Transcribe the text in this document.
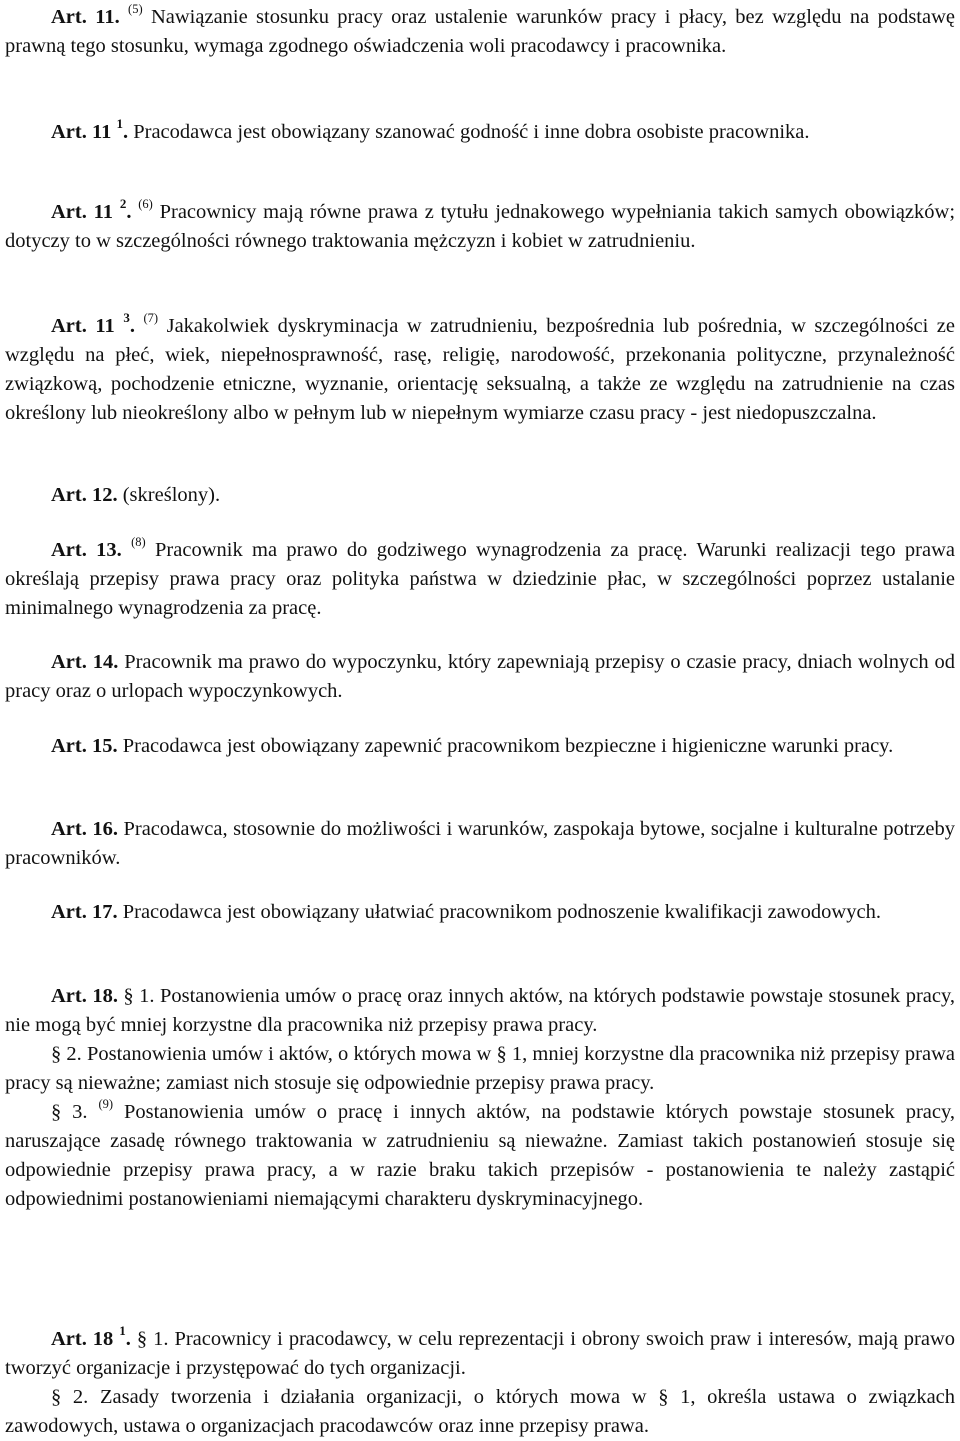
Art. 11. $^{(5)}$ Nawiązanie stosunku pracy oraz ustalenie warunków pracy i płacy, bez względu na podstawę prawną tego stosunku, wymaga zgodnego oświadczenia woli pracodawcy i pracownika.

Art. 11 $^1$. Pracodawca jest obowiązany szanować godność i inne dobra osobiste pracownika.

Art. 11 $^2$. $^{(6)}$ Pracownicy mają równe prawa z tytułu jednakowego wypełniania takich samych obowiązków; dotyczy to w szczególności równego traktowania mężczyzn i kobiet w zatrudnieniu.

Art. 11 $^3$. $^{(7)}$ Jakakolwiek dyskryminacja w zatrudnieniu, bezpośrednia lub pośrednia, w szczególności ze względu na płeć, wiek, niepełnosprawność, rasę, religię, narodowość, przekonania polityczne, przynależność związkową, pochodzenie etniczne, wyznanie, orientację seksualną, a także ze względu na zatrudnienie na czas określony lub nieokreślony albo w pełnym lub w niepełnym wymiarze czasu pracy - jest niedopuszczalna.

Art. 12. (skreślony).

Art. 13. $^{(8)}$ Pracownik ma prawo do godziwego wynagrodzenia za pracę. Warunki realizacji tego prawa określają przepisy prawa pracy oraz polityka państwa w dziedzinie płac, w szczególności poprzez ustalanie minimalnego wynagrodzenia za pracę.

Art. 14. Pracownik ma prawo do wypoczynku, który zapewniają przepisy o czasie pracy, dniach wolnych od pracy oraz o urlopach wypoczynkowych.

Art. 15. Pracodawca jest obowiązany zapewnić pracownikom bezpieczne i higieniczne warunki pracy.

Art. 16. Pracodawca, stosownie do możliwości i warunków, zaspokaja bytowe, socjalne i kulturalne potrzeby pracowników.

Art. 17. Pracodawca jest obowiązany ułatwiać pracownikom podnoszenie kwalifikacji zawodowych.

Art. 18. § 1. Postanowienia umów o pracę oraz innych aktów, na których podstawie powstaje stosunek pracy, nie mogą być mniej korzystne dla pracownika niż przepisy prawa pracy.

§ 2. Postanowienia umów i aktów, o których mowa w § 1, mniej korzystne dla pracownika niż przepisy prawa pracy są nieważne; zamiast nich stosuje się odpowiednie przepisy prawa pracy.

§ 3. $^{(9)}$ Postanowienia umów o pracę i innych aktów, na podstawie których powstaje stosunek pracy, naruszające zasadę równego traktowania w zatrudnieniu są nieważne. Zamiast takich postanowień stosuje się odpowiednie przepisy prawa pracy, a w razie braku takich przepisów - postanowienia te należy zastąpić odpowiednimi postanowieniami niemającymi charakteru dyskryminacyjnego.

Art. 18 $^1$. § 1. Pracownicy i pracodawcy, w celu reprezentacji i obrony swoich praw i interesów, mają prawo tworzyć organizacje i przystępować do tych organizacji.

§ 2. Zasady tworzenia i działania organizacji, o których mowa w § 1, określa ustawa o związkach zawodowych, ustawa o organizacjach pracodawców oraz inne przepisy prawa.
